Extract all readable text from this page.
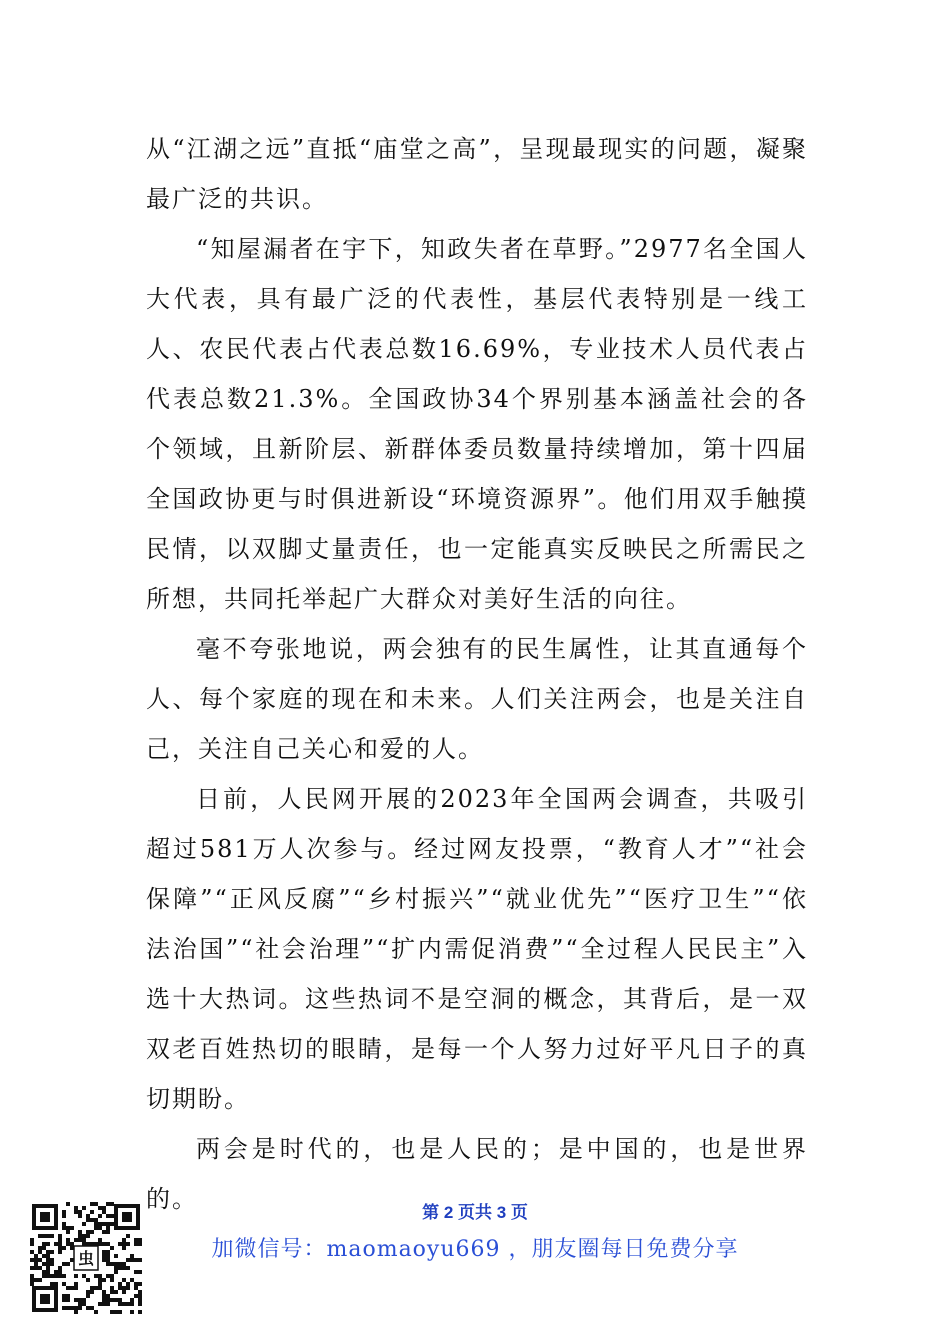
从“江湖之远”直抵“庙堂之高”，呈现最现实的问题，凝聚最广泛的共识。

“知屋漏者在宇下，知政失者在草野。”2977名全国人大代表，具有最广泛的代表性，基层代表特别是一线工人、农民代表占代表总数16.69%，专业技术人员代表占代表总数21.3%。全国政协34个界别基本涵盖社会的各个领域，且新阶层、新群体委员数量持续增加，第十四届全国政协更与时俱进新设“环境资源界”。他们用双手触摸民情，以双脚丈量责任，也一定能真实反映民之所需民之所想，共同托举起广大群众对美好生活的向往。

毫不夸张地说，两会独有的民生属性，让其直通每个人、每个家庭的现在和未来。人们关注两会，也是关注自己，关注自己关心和爱的人。

日前，人民网开展的2023年全国两会调查，共吸引超过581万人次参与。经过网友投票，“教育人才”“社会保障”“正风反腐”“乡村振兴”“就业优先”“医疗卫生”“依法治国”“社会治理”“扩内需促消费”“全过程人民民主”入选十大热词。这些热词不是空洞的概念，其背后，是一双双老百姓热切的眼睛，是每一个人努力过好平凡日子的真切期盼。

两会是时代的，也是人民的；是中国的，也是世界的。

虫
第 2 页共 3 页
加微信号：maomaoyu669 ，朋友圈每日免费分享
